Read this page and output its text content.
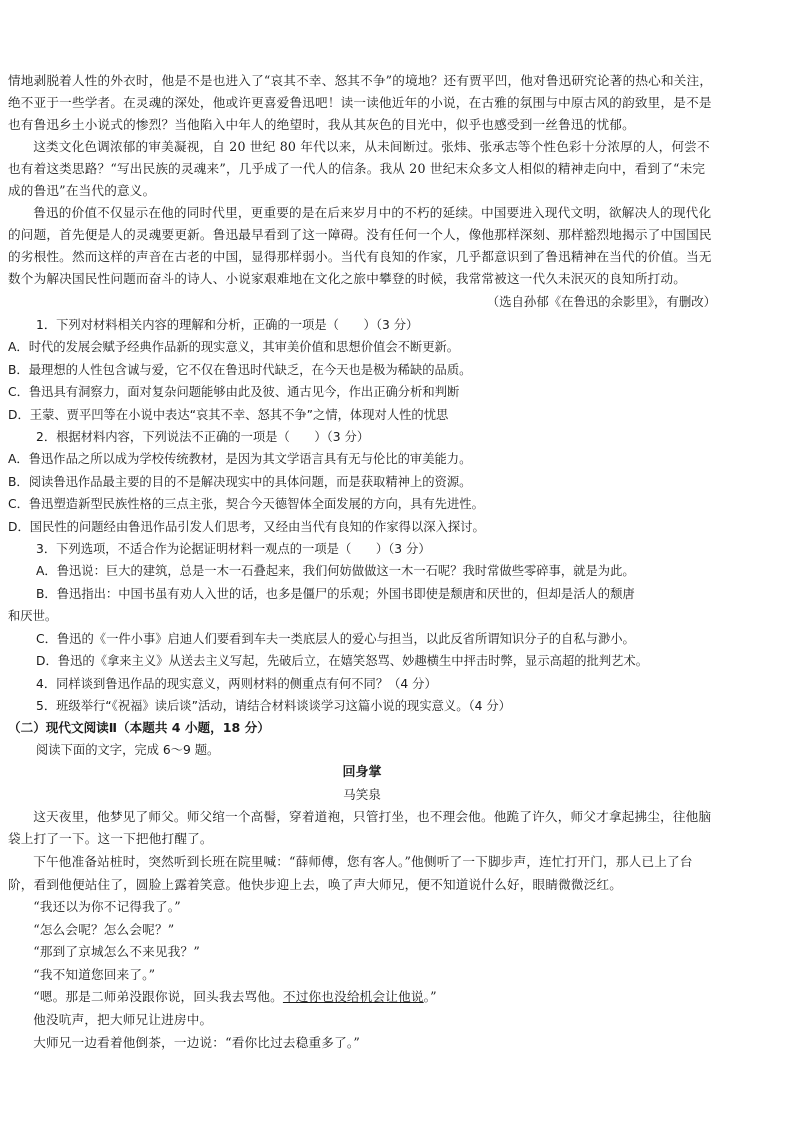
情地剥脱着人性的外衣时，他是不是也进入了“哀其不幸、怒其不争”的境地？还有贾平凹，他对鲁迅研究论著的热心和关注，绝不亚于一些学者。在灵魂的深处，他或许更喜爱鲁迅吧！读一读他近年的小说，在古雅的氛围与中原古风的韵致里，是不是也有鲁迅乡土小说式的惨烈？当他陷入中年人的绝望时，我从其灰色的目光中，似乎也感受到一丝鲁迅的忧郁。

这类文化色调浓郁的审美凝视，自 20 世纪 80 年代以来，从未间断过。张炜、张承志等个性色彩十分浓厚的人，何尝不也有着这类思路？“写出民族的灵魂来”，几乎成了一代人的信条。我从 20 世纪末众多文人相似的精神走向中，看到了“未完成的鲁迅”在当代的意义。

鲁迅的价值不仅显示在他的同时代里，更重要的是在后来岁月中的不朽的延续。中国要进入现代文明，欲解决人的现代化的问题，首先便是人的灵魂要更新。鲁迅最早看到了这一障碍。没有任何一个人，像他那样深刻、那样豁烈地揭示了中国国民的劣根性。然而这样的声音在古老的中国，显得那样弱小。当代有良知的作家，几乎都意识到了鲁迅精神在当代的价值。当无数个为解决国民性问题而奋斗的诗人、小说家艰难地在文化之旅中攀登的时候，我常常被这一代久未泯灭的良知所打动。

（选自孙郁《在鲁迅的余影里》，有删改）

1．下列对材料相关内容的理解和分析，正确的一项是（　　）（3 分）

A．时代的发展会赋予经典作品新的现实意义，其审美价值和思想价值会不断更新。

B．最理想的人性包含诚与爱，它不仅在鲁迅时代缺乏，在今天也是极为稀缺的品质。

C．鲁迅具有洞察力，面对复杂问题能够由此及彼、通古见今，作出正确分析和判断

D．王蒙、贾平凹等在小说中表达“哀其不幸、怒其不争”之情，体现对人性的忧思

2．根据材料内容，下列说法不正确的一项是（　　）（3 分）

A．鲁迅作品之所以成为学校传统教材，是因为其文学语言具有无与伦比的审美能力。

B．阅读鲁迅作品最主要的目的不是解决现实中的具体问题，而是获取精神上的资源。

C．鲁迅塑造新型民族性格的三点主张，契合今天德智体全面发展的方向，具有先进性。

D．国民性的问题经由鲁迅作品引发人们思考，又经由当代有良知的作家得以深入探讨。

3．下列选项，不适合作为论据证明材料一观点的一项是（　　）（3 分）

A．鲁迅说：巨大的建筑，总是一木一石叠起来，我们何妨做做这一木一石呢？我时常做些零碎事，就是为此。

B．鲁迅指出：中国书虽有劝人入世的话，也多是僵尸的乐观；外国书即使是颓唐和厌世的，但却是活人的颓唐

和厌世。

C．鲁迅的《一件小事》启迪人们要看到车夫一类底层人的爱心与担当，以此反省所谓知识分子的自私与渺小。

D．鲁迅的《拿来主义》从送去主义写起，先破后立，在嬉笑怒骂、妙趣横生中抨击时弊，显示高超的批判艺术。

4．同样谈到鲁迅作品的现实意义，两则材料的侧重点有何不同？（4 分）

5．班级举行“《祝福》读后谈”活动，请结合材料谈谈学习这篇小说的现实意义。（4 分）

（二）现代文阅读Ⅱ（本题共 4 小题，18 分）

阅读下面的文字，完成 6～9 题。

回身掌

马笑泉

这天夜里，他梦见了师父。师父绾一个高髻，穿着道袍，只管打坐，也不理会他。他跪了许久，师父才拿起拂尘，往他脑袋上打了一下。这一下把他打醒了。

下午他准备站桩时，突然听到长班在院里喊：“薛师傅，您有客人。”他侧听了一下脚步声，连忙打开门，那人已上了台阶，看到他便站住了，圆脸上露着笑意。他快步迎上去，唤了声大师兄，便不知道说什么好，眼睛微微泛红。

“我还以为你不记得我了。”

“怎么会呢？怎么会呢？”

“那到了京城怎么不来见我？”

“我不知道您回来了。”

“嗯。那是二师弟没跟你说，回头我去骂他。不过你也没给机会让他说。”

他没吭声，把大师兄让进房中。

大师兄一边看着他倒茶，一边说：“看你比过去稳重多了。”
